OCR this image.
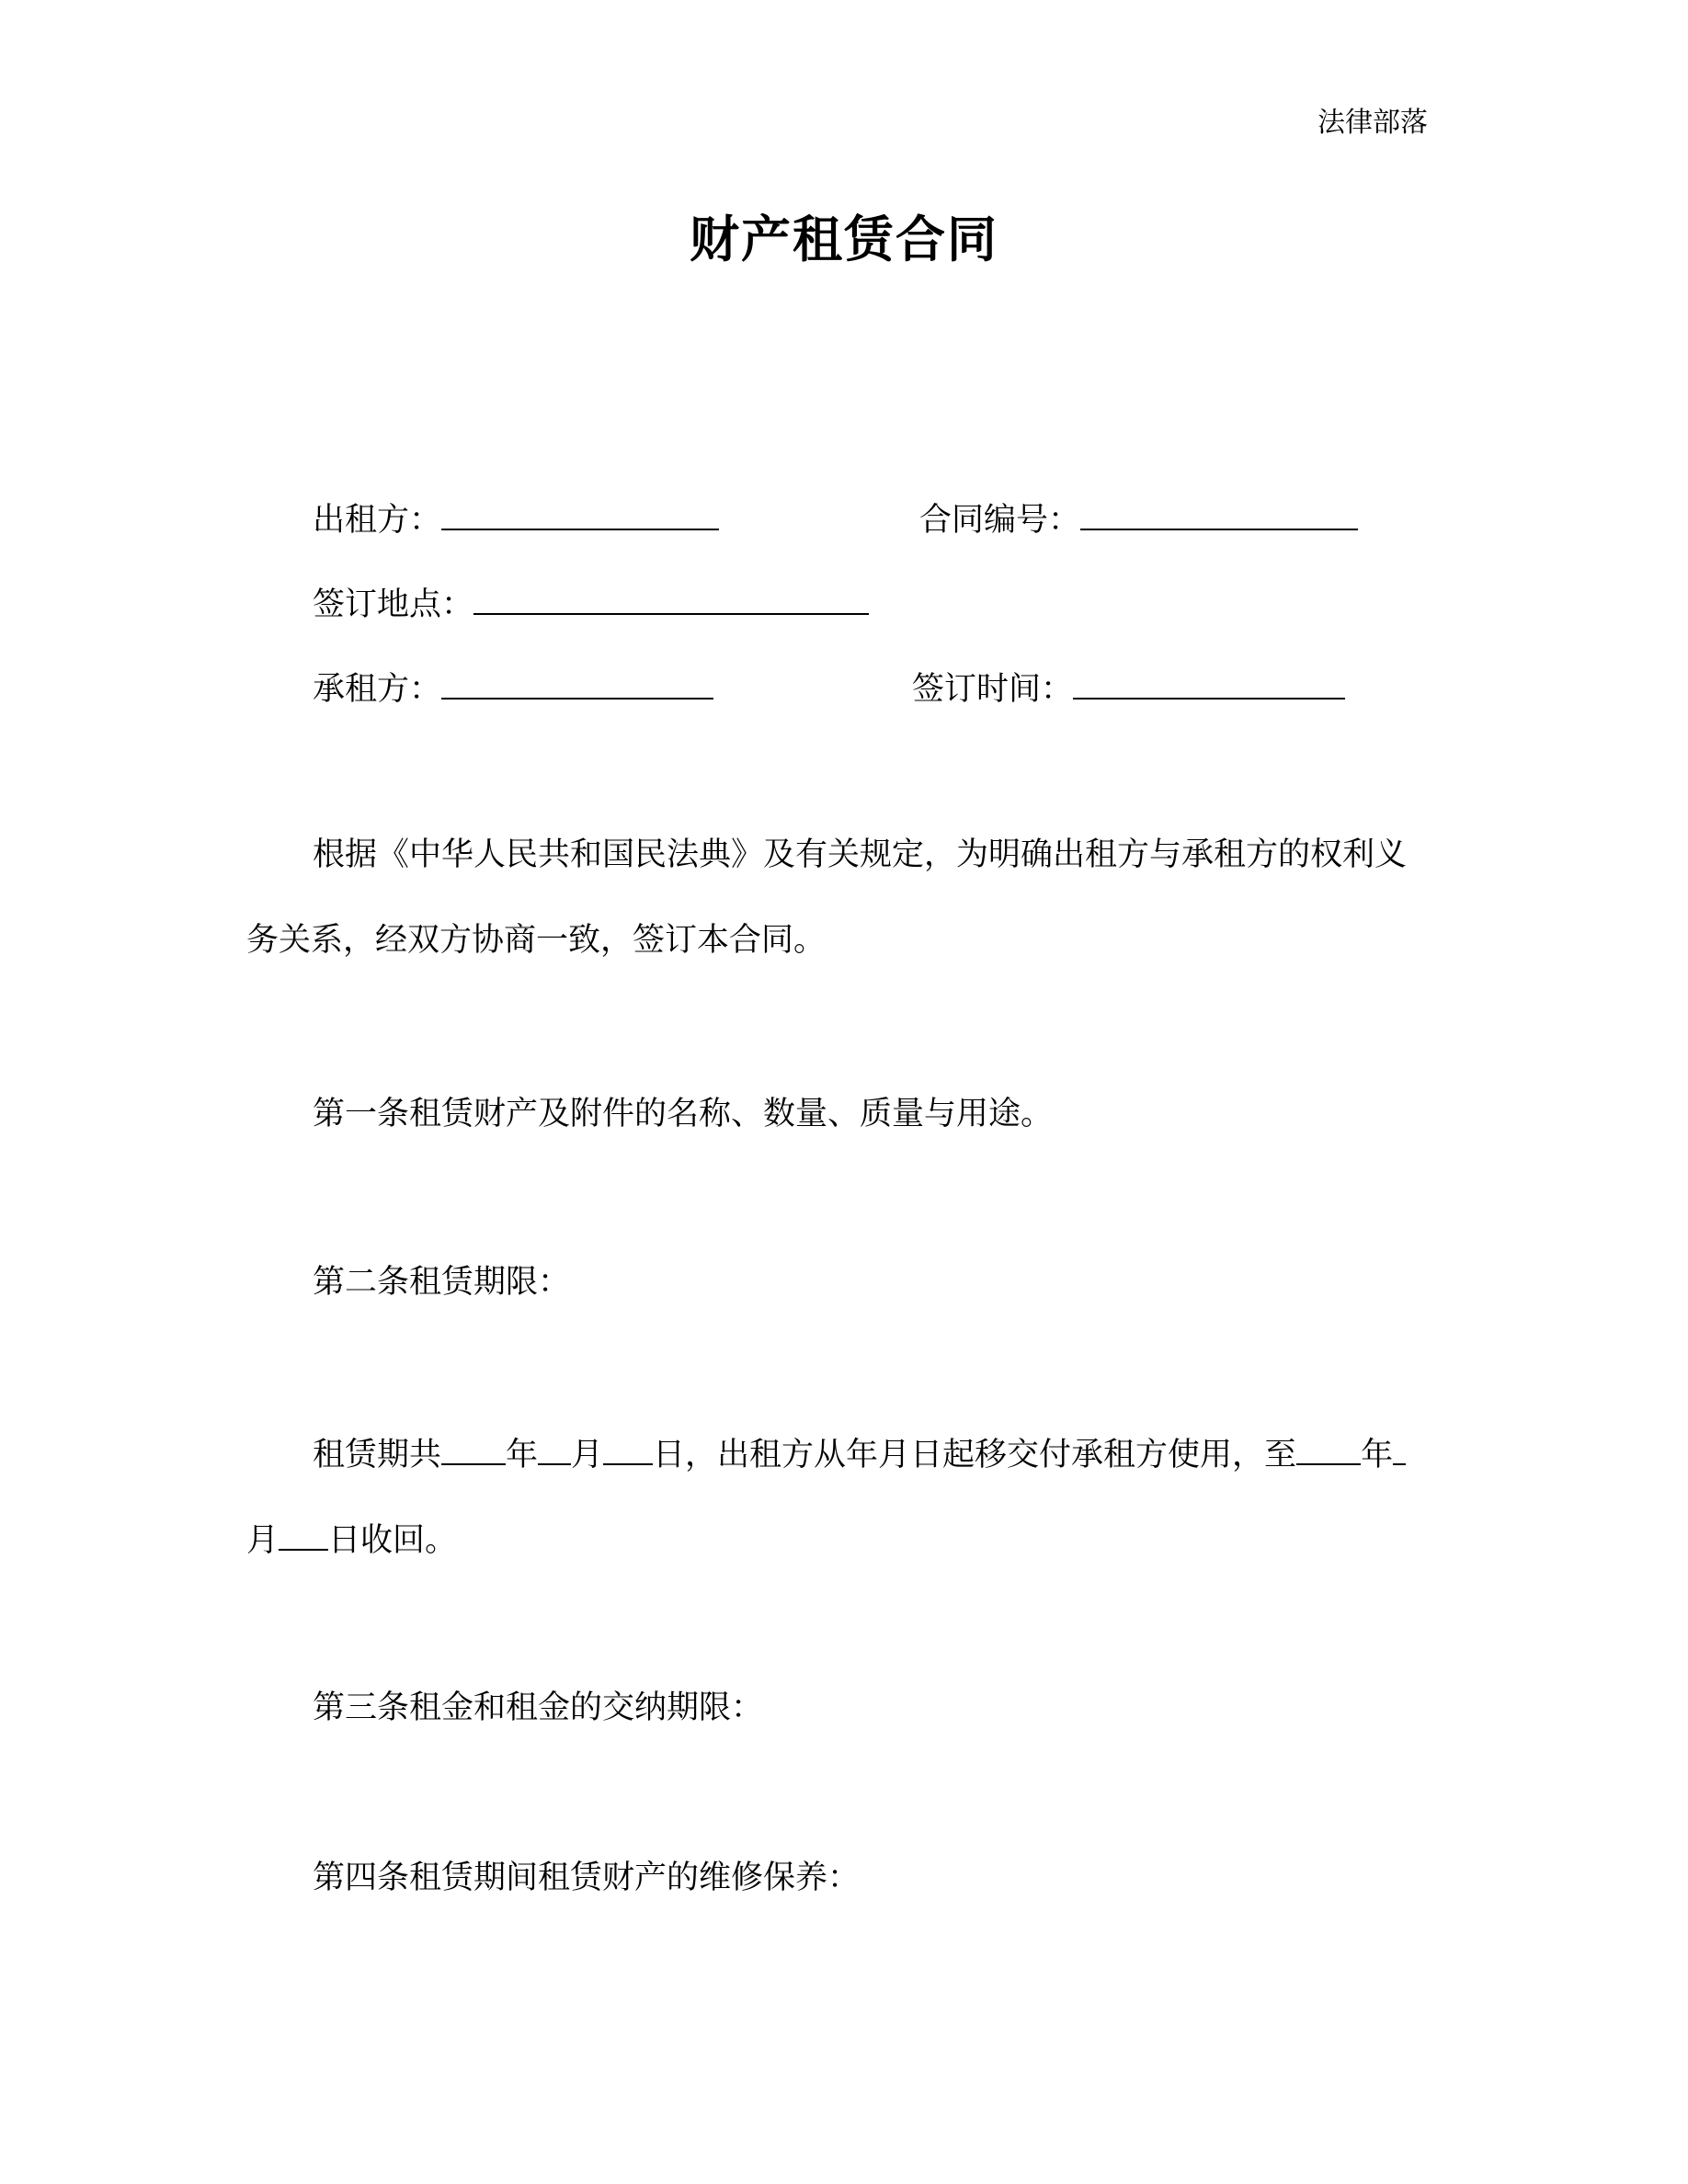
法律部落
财产租赁合同
出租方：	合同编号：
签订地点：
承租方：	签订时间：
根据《中华人民共和国民法典》及有关规定，为明确出租方与承租方的权利义
务关系，经双方协商一致，签订本合同。
第一条租赁财产及附件的名称、数量、质量与用途。
第二条租赁期限：
租赁期共 年 月 日，出租方从年月日起移交付承租方使用，至 年
月 日收回。
第三条租金和租金的交纳期限：
第四条租赁期间租赁财产的维修保养：
